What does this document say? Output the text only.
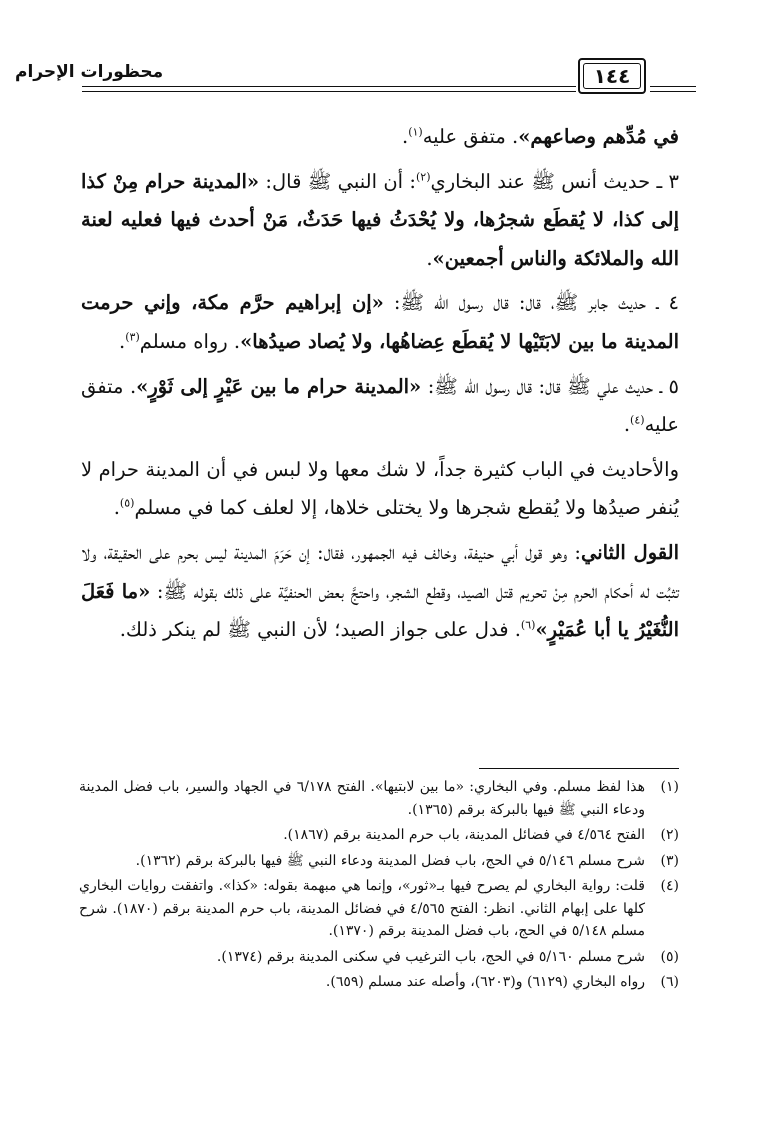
محظورات الإحرام	١٤٤

في مُدِّهم وصاعهم». متفق عليه$^{(١)}$.

٣ ـ حديث أنس ﷺ عند البخاري$^{(٢)}$: أن النبي ﷺ قال: «المدينة حرام مِنْ كذا إلى كذا، لا يُقطَع شجرُها، ولا يُحْدَثُ فيها حَدَثٌ، مَنْ أحدث فيها فعليه لعنة الله والملائكة والناس أجمعين».

٤ ـ حديث جابر ﷺ، قال: قال رسول الله ﷺ: «إن إبراهيم حرَّم مكة، وإني حرمت المدينة ما بين لابَتَيْها لا يُقطَع عِضاهُها، ولا يُصاد صيدُها». رواه مسلم$^{(٣)}$.

٥ ـ حديث علي ﷺ قال: قال رسول الله ﷺ: «المدينة حرام ما بين عَيْرٍ إلى ثَوْرٍ». متفق عليه$^{(٤)}$.

والأحاديث في الباب كثيرة جداً، لا شك معها ولا لبس في أن المدينة حرام لا يُنفر صيدُها ولا يُقطع شجرها ولا يختلى خلاها، إلا لعلف كما في مسلم$^{(٥)}$.

القول الثاني: وهو قول أبي حنيفة، وخالف فيه الجمهور، فقال: إن حَرَمَ المدينة ليس بحرم على الحقيقة، ولا تثبُت له أحكام الحرم مِنْ تحريم قتل الصيد، وقطع الشجر، واحتجَّ بعض الحنفيَّة على ذلك بقوله ﷺ: «ما فَعَلَ النُّغَيْرُ يا أبا عُمَيْرٍ»$^{(٦)}$. فدل على جواز الصيد؛ لأن النبي ﷺ لم ينكر ذلك.

(١)
هذا لفظ مسلم. وفي البخاري: «ما بين لابتيها». الفتح ٦/١٧٨ في الجهاد والسير، باب فضل المدينة ودعاء النبي ﷺ فيها بالبركة برقم (١٣٦٥).
(٢)
الفتح ٤/٥٦٤ في فضائل المدينة، باب حرم المدينة برقم (١٨٦٧).
(٣)
شرح مسلم ٥/١٤٦ في الحج، باب فضل المدينة ودعاء النبي ﷺ فيها بالبركة برقم (١٣٦٢).
(٤)
قلت: رواية البخاري لم يصرح فيها بـ«ثور»، وإنما هي مبهمة بقوله: «كذا». واتفقت روايات البخاري كلها على إبهام الثاني. انظر: الفتح ٤/٥٦٥ في فضائل المدينة، باب حرم المدينة برقم (١٨٧٠). شرح مسلم ٥/١٤٨ في الحج، باب فضل المدينة برقم (١٣٧٠).
(٥)
شرح مسلم ٥/١٦٠ في الحج، باب الترغيب في سكنى المدينة برقم (١٣٧٤).
(٦)
رواه البخاري (٦١٢٩) و(٦٢٠٣)، وأصله عند مسلم (٦٥٩).
